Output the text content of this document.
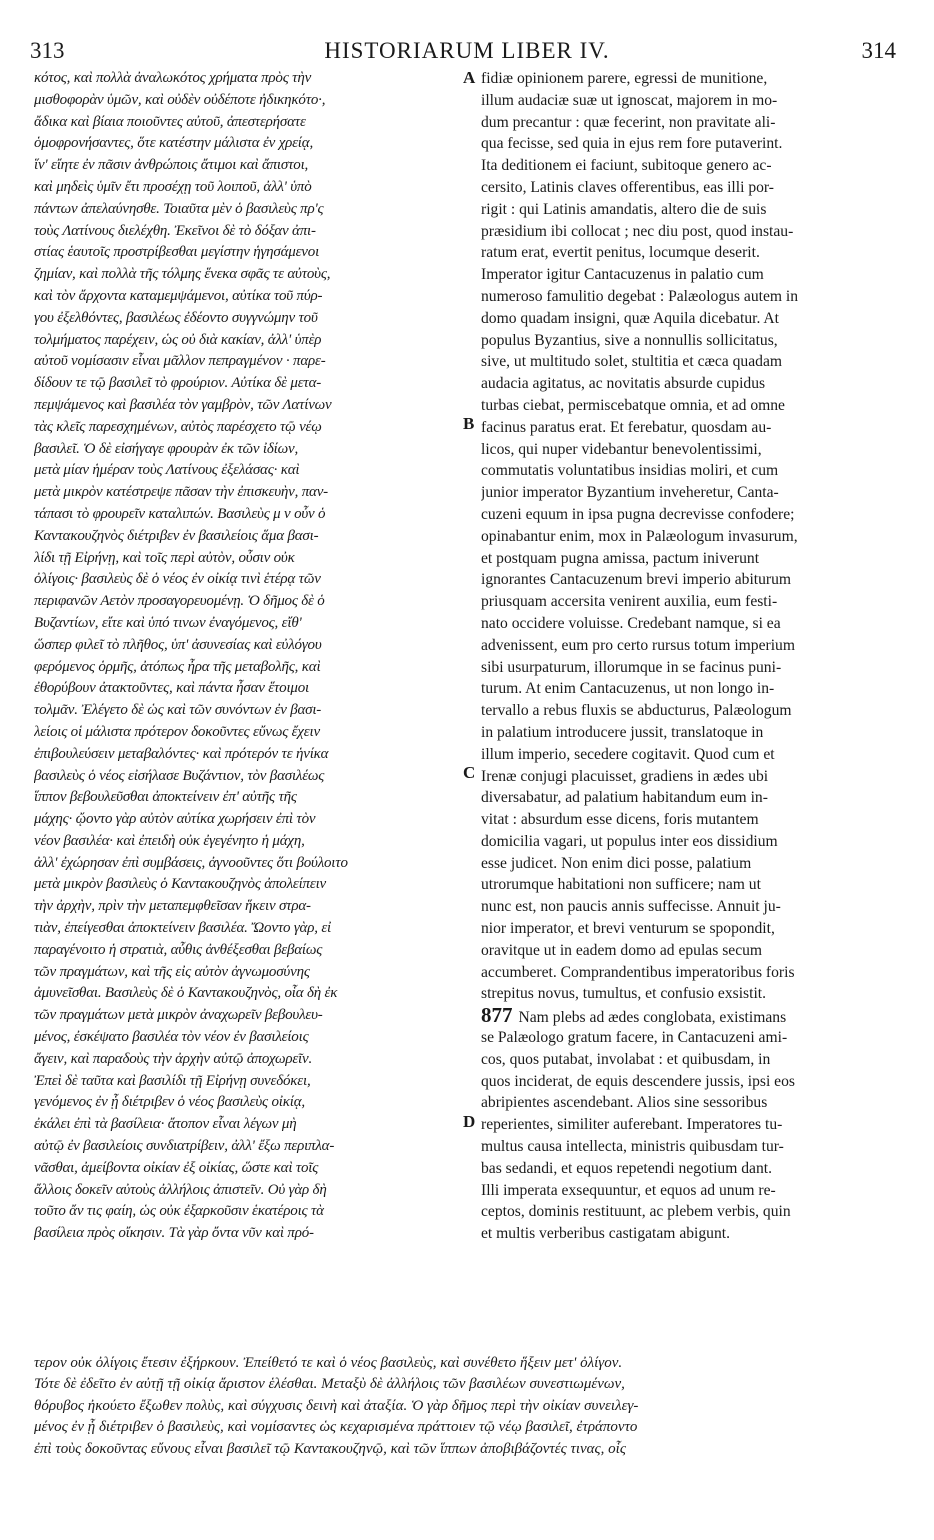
313	HISTORIARUM LIBER IV.	314
κότος, καὶ πολλὰ ἀναλωκότος χρήματα πρὸς τὴν
μισθοφορὰν ὑμῶν, καὶ οὐδὲν οὐδέποτε ἠδικηκότο·,
ἄδικα καὶ βίαια ποιοῦντες αὐτοῦ, ἀπεστερήσατε
ὁμοφρονήσαντες, ὅτε κατέστην μάλιστα ἐν χρείᾳ,
ἵν' εἴητε ἐν πᾶσιν ἀνθρώποις ἄτιμοι καὶ ἄπιστοι,
καὶ μηδεὶς ὑμῖν ἔτι προσέχῃ τοῦ λοιποῦ, ἀλλ' ὑπὸ
πάντων ἀπελαύνησθε. Τοιαῦτα μὲν ὁ βασιλεὺς πρ'ς
τοὺς Λατίνους διελέχθη. Ἐκεῖνοι δὲ τὸ δόξαν ἀπι-
στίας ἑαυτοῖς προστρίβεσθαι μεγίστην ἡγησάμενοι
ζημίαν, καὶ πολλὰ τῆς τόλμης ἕνεκα σφᾶς τε αὐτοὺς,
καὶ τὸν ἄρχοντα καταμεμψάμενοι, αὐτίκα τοῦ πύρ-
γου ἐξελθόντες, βασιλέως ἐδέοντο συγγνώμην τοῦ
τολμήματος παρέχειν, ὡς οὐ διὰ κακίαν, ἀλλ' ὑπὲρ
αὐτοῦ νομίσασιν εἶναι μᾶλλον πεπραγμένον · παρε-
δίδουν τε τῷ βασιλεῖ τὸ φρούριον. Αὐτίκα δὲ μετα-
πεμψάμενος καὶ βασιλέα τὸν γαμβρὸν, τῶν Λατίνων
τὰς κλεῖς παρεσχημένων, αὐτὸς παρέσχετο τῷ νέῳ
βασιλεῖ. Ὁ δὲ εἰσήγαγε φρουρὰν ἐκ τῶν ἰδίων,
μετὰ μίαν ἡμέραν τοὺς Λατίνους ἐξελάσας· καὶ
μετὰ μικρὸν κατέστρεψε πᾶσαν τὴν ἐπισκευὴν, παν-
τάπασι τὸ φρουρεῖν καταλιπών. Βασιλεὺς μ ν οὖν ὁ
Καντακουζηνὸς διέτριβεν ἐν βασιλείοις ἅμα βασι-
λίδι τῇ Εἰρήνῃ, καὶ τοῖς περὶ αὐτὸν, οὖσιν οὐκ
ὀλίγοις· βασιλεὺς δὲ ὁ νέος ἐν οἰκίᾳ τινὶ ἑτέρᾳ τῶν
περιφανῶν Αετὸν προσαγορευομένῃ. Ὁ δῆμος δὲ ὁ
Βυζαντίων, εἴτε καὶ ὑπό τινων ἐναγόμενος, εἴθ'
ὥσπερ φιλεῖ τὸ πλῆθος, ὑπ' ἀσυνεσίας καὶ εὐλόγου
φερόμενος ὁρμῆς, ἀτόπως ἦρα τῆς μεταβολῆς, καὶ
ἐθορύβουν ἀτακτοῦντες, καὶ πάντα ἦσαν ἕτοιμοι
τολμᾶν. Ἐλέγετο δὲ ὡς καὶ τῶν συνόντων ἐν βασι-
λείοις οἱ μάλιστα πρότερον δοκοῦντες εὔνως ἔχειν
ἐπιβουλεύσειν μεταβαλόντες· καὶ πρότερόν τε ἡνίκα
βασιλεὺς ὁ νέος εἰσήλασε Βυζάντιον, τὸν βασιλέως
ἵππον βεβουλεῦσθαι ἀποκτείνειν ἐπ' αὐτῆς τῆς
μάχης· ᾤοντο γὰρ αὐτὸν αὐτίκα χωρήσειν ἐπὶ τὸν
νέον βασιλέα· καὶ ἐπειδὴ οὐκ ἐγεγένητο ἡ μάχη,
ἀλλ' ἐχώρησαν ἐπὶ συμβάσεις, ἀγνοοῦντες ὅτι βούλοιτο
μετὰ μικρὸν βασιλεὺς ὁ Καντακουζηνὸς ἀπολείπειν
τὴν ἀρχὴν, πρὶν τὴν μεταπεμφθεῖσαν ἥκειν στρα-
τιὰν, ἐπείγεσθαι ἀποκτείνειν βασιλέα. Ὤοντο γὰρ, εἰ
παραγένοιτο ἡ στρατιὰ, αὖθις ἀνθέξεσθαι βεβαίως
τῶν πραγμάτων, καὶ τῆς εἰς αὐτὸν ἀγνωμοσύνης
ἀμυνεῖσθαι. Βασιλεὺς δὲ ὁ Καντακουζηνὸς, οἷα δὴ ἐκ
τῶν πραγμάτων μετὰ μικρὸν ἀναχωρεῖν βεβουλευ-
μένος, ἐσκέψατο βασιλέα τὸν νέον ἐν βασιλείοις
ἄγειν, καὶ παραδοὺς τὴν ἀρχὴν αὐτῷ ἀποχωρεῖν.
Ἐπεὶ δὲ ταῦτα καὶ βασιλίδι τῇ Εἰρήνῃ συνεδόκει,
γενόμενος ἐν ᾗ διέτριβεν ὁ νέος βασιλεὺς οἰκίᾳ,
ἐκάλει ἐπὶ τὰ βασίλεια· ἄτοπον εἶναι λέγων μὴ
αὐτῷ ἐν βασιλείοις συνδιατρίβειν, ἀλλ' ἔξω περιπλα-
νᾶσθαι, ἀμείβοντα οἰκίαν ἐξ οἰκίας, ὥστε καὶ τοῖς
ἄλλοις δοκεῖν αὐτοὺς ἀλλήλοις ἀπιστεῖν. Οὐ γὰρ δὴ
τοῦτο ἄν τις φαίη, ὡς οὐκ ἐξαρκοῦσιν ἑκατέροις τὰ
βασίλεια πρὸς οἴκησιν. Τὰ γὰρ ὄντα νῦν καὶ πρό-
fidiæ opinionem parere, egressi de munitione,
illum audaciæ suæ ut ignoscat, majorem in mo-
dum precantur : quæ fecerint, non pravitate ali-
qua fecisse, sed quia in ejus rem fore putaverint.
Ita deditionem ei faciunt, subitoque genero ac-
cersito, Latinis claves offerentibus, eas illi por-
rigit : qui Latinis amandatis, altero die de suis
præsidium ibi collocat ; nec diu post, quod instau-
ratum erat, evertit penitus, locumque deserit.
Imperator igitur Cantacuzenus in palatio cum
numeroso famulitio degebat : Palæologus autem in
domo quadam insigni, quæ Aquila dicebatur. At
populus Byzantius, sive a nonnullis sollicitatus,
sive, ut multitudo solet, stultitia et cæca quadam
audacia agitatus, ac novitatis absurde cupidus
turbas ciebat, permiscebatque omnia, et ad omne
facinus paratus erat. Et ferebatur, quosdam au-
licos, qui nuper videbantur benevolentissimi,
commutatis voluntatibus insidias moliri, et cum
junior imperator Byzantium inveheretur, Canta-
cuzeni equum in ipsa pugna decrevisse confodere;
opinabantur enim, mox in Palæologum invasurum,
et postquam pugna amissa, pactum iniverunt
ignorantes Cantacuzenum brevi imperio abiturum
priusquam accersita venirent auxilia, eum festi-
nato occidere voluisse. Credebant namque, si ea
advenissent, eum pro certo rursus totum imperium
sibi usurpaturum, illorumque in se facinus puni-
turum. At enim Cantacuzenus, ut non longo in-
tervallo a rebus fluxis se abducturus, Palæologum
in palatium introducere jussit, translatoque in
illum imperio, secedere cogitavit. Quod cum et
Irenæ conjugi placuisset, gradiens in ædes ubi
diversabatur, ad palatium habitandum eum in-
vitat : absurdum esse dicens, foris mutantem
domicilia vagari, ut populus inter eos dissidium
esse judicet. Non enim dici posse, palatium
utrorumque habitationi non sufficere; nam ut
nunc est, non paucis annis suffecisse. Annuit ju-
nior imperator, et brevi venturum se spopondit,
oravitque ut in eadem domo ad epulas secum
accumberet. Comprandentibus imperatoribus foris
strepitus novus, tumultus, et confusio exsistit.
877 Nam plebs ad ædes conglobata, existimans
se Palæologo gratum facere, in Cantacuzeni ami-
cos, quos putabat, involabat : et quibusdam, in
quos inciderat, de equis descendere jussis, ipsi eos
abripientes ascendebant. Alios sine sessoribus
reperientes, similiter auferebant. Imperatores tu-
multus causa intellecta, ministris quibusdam tur-
bas sedandi, et equos repetendi negotium dant.
Illi imperata exsequuntur, et equos ad unum re-
ceptos, dominis restituunt, ac plebem verbis, quin
et multis verberibus castigatam abigunt.
A
B
C
D
τερον οὐκ ὀλίγοις ἔτεσιν ἐξήρκουν. Ἐπείθετό τε καὶ ὁ νέος βασιλεὺς, καὶ συνέθετο ἥξειν μετ' ὀλίγον.
Τότε δὲ ἐδεῖτο ἐν αὐτῇ τῇ οἰκίᾳ ἄριστον ἑλέσθαι. Μεταξὺ δὲ ἀλλήλοις τῶν βασιλέων συνεστιωμένων,
θόρυβος ἠκούετο ἔξωθεν πολὺς, καὶ σύγχυσις δεινὴ καὶ ἀταξία. Ὁ γὰρ δῆμος περὶ τὴν οἰκίαν συνειλεγ-
μένος ἐν ᾗ διέτριβεν ὁ βασιλεὺς, καὶ νομίσαντες ὡς κεχαρισμένα πράττοιεν τῷ νέῳ βασιλεῖ, ἐτράποντο
ἐπὶ τοὺς δοκοῦντας εὔνους εἶναι βασιλεῖ τῷ Καντακουζηνῷ, καὶ τῶν ἵππων ἀποβιβάζοντές τινας, οἷς
